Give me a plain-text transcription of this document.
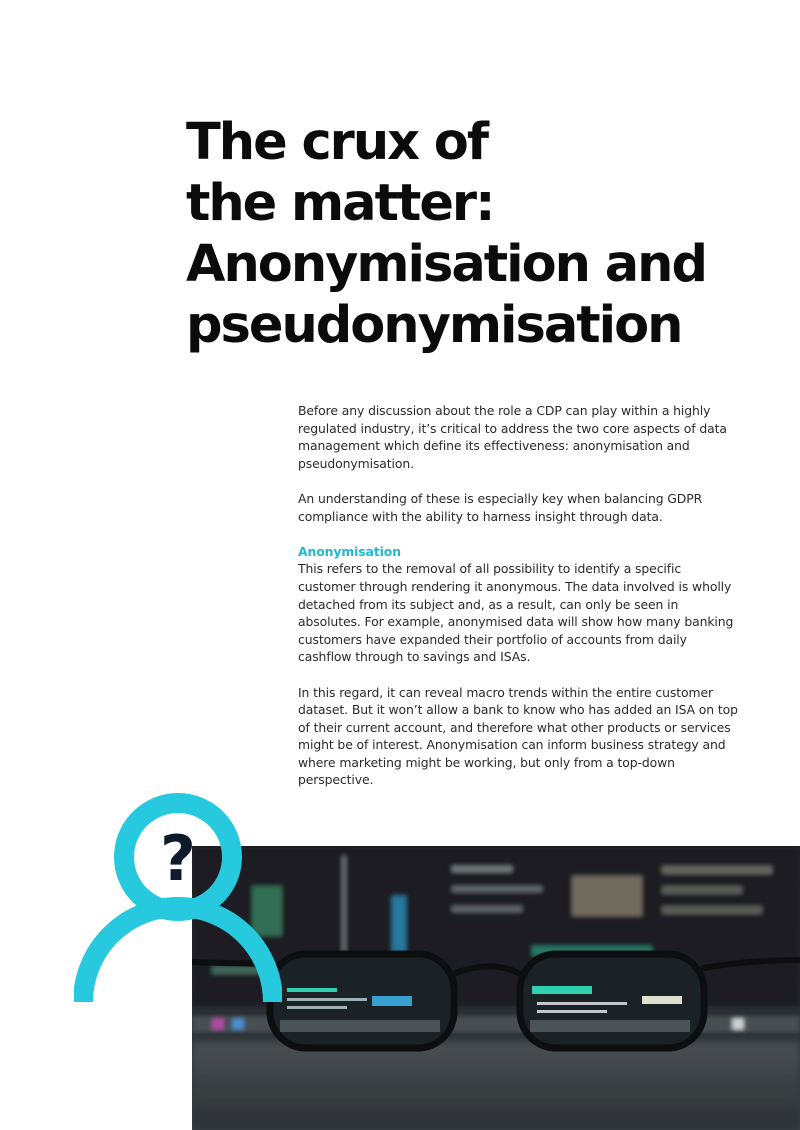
The crux of
the matter:
Anonymisation and
pseudonymisation

Before any discussion about the role a CDP can play within a highly regulated industry, it’s critical to address the two core aspects of data management which define its effectiveness: anonymisation and pseudonymisation.

An understanding of these is especially key when balancing GDPR compliance with the ability to harness insight through data.

Anonymisation
This refers to the removal of all possibility to identify a specific customer through rendering it anonymous. The data involved is wholly detached from its subject and, as a result, can only be seen in absolutes. For example, anonymised data will show how many banking customers have expanded their portfolio of accounts from daily cashflow through to savings and ISAs.

In this regard, it can reveal macro trends within the entire customer dataset. But it won’t allow a bank to know who has added an ISA on top of their current account, and therefore what other products or services might be of interest. Anonymisation can inform business strategy and where marketing might be working, but only from a top-down perspective.

?
